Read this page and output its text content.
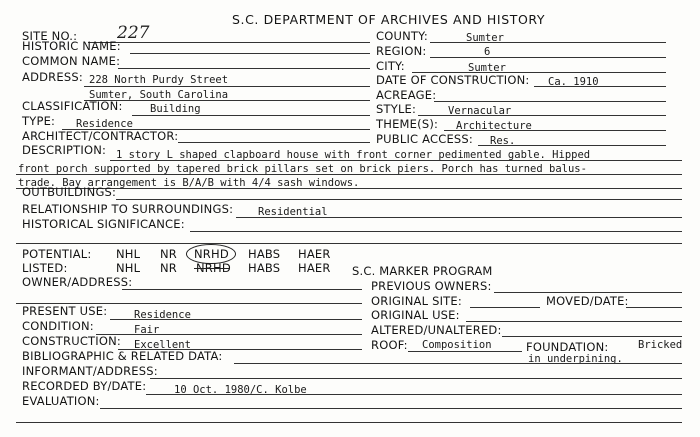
S.C. DEPARTMENT OF ARCHIVES AND HISTORY
SITE NO.: 227
HISTORIC NAME:
COMMON NAME:
ADDRESS: 228 North Purdy Street
Sumter, South Carolina
CLASSIFICATION:	Building
TYPE: Residence
ARCHITECT/CONTRACTOR:
COUNTY:	Sumter
REGION:	6
CITY:	Sumter
DATE OF CONSTRUCTION: Ca. 1910
ACREAGE:
STYLE:	Vernacular
THEME(S): Architecture
PUBLIC ACCESS: Res.
DESCRIPTION: 1 story L shaped clapboard house with front corner pedimented gable. Hipped
front porch supported by tapered brick pillars set on brick piers. Porch has turned balus-
trade. Bay arrangement is B/A/B with 4/4 sash windows.
OUTBUILDINGS:
RELATIONSHIP TO SURROUNDINGS: Residential
HISTORICAL SIGNIFICANCE:
POTENTIAL: NHL NR NRHD HABS HAER
LISTED:	NHL NR NRHD HABS HAER S.C. MARKER PROGRAM
OWNER/ADDRESS:	PREVIOUS OWNERS:
ORIGINAL SITE:	MOVED/DATE:
PRESENT USE:	Residence	ORIGINAL USE:
CONDITION:	Fair	ALTERED/UNALTERED:
CONSTRUCTION: Excellent	ROOF: Composition	FOUNDATION:	Bricked
in underpining.
BIBLIOGRAPHIC & RELATED DATA:
INFORMANT/ADDRESS:
RECORDED BY/DATE:	10 Oct. 1980/C. Kolbe
EVALUATION:
